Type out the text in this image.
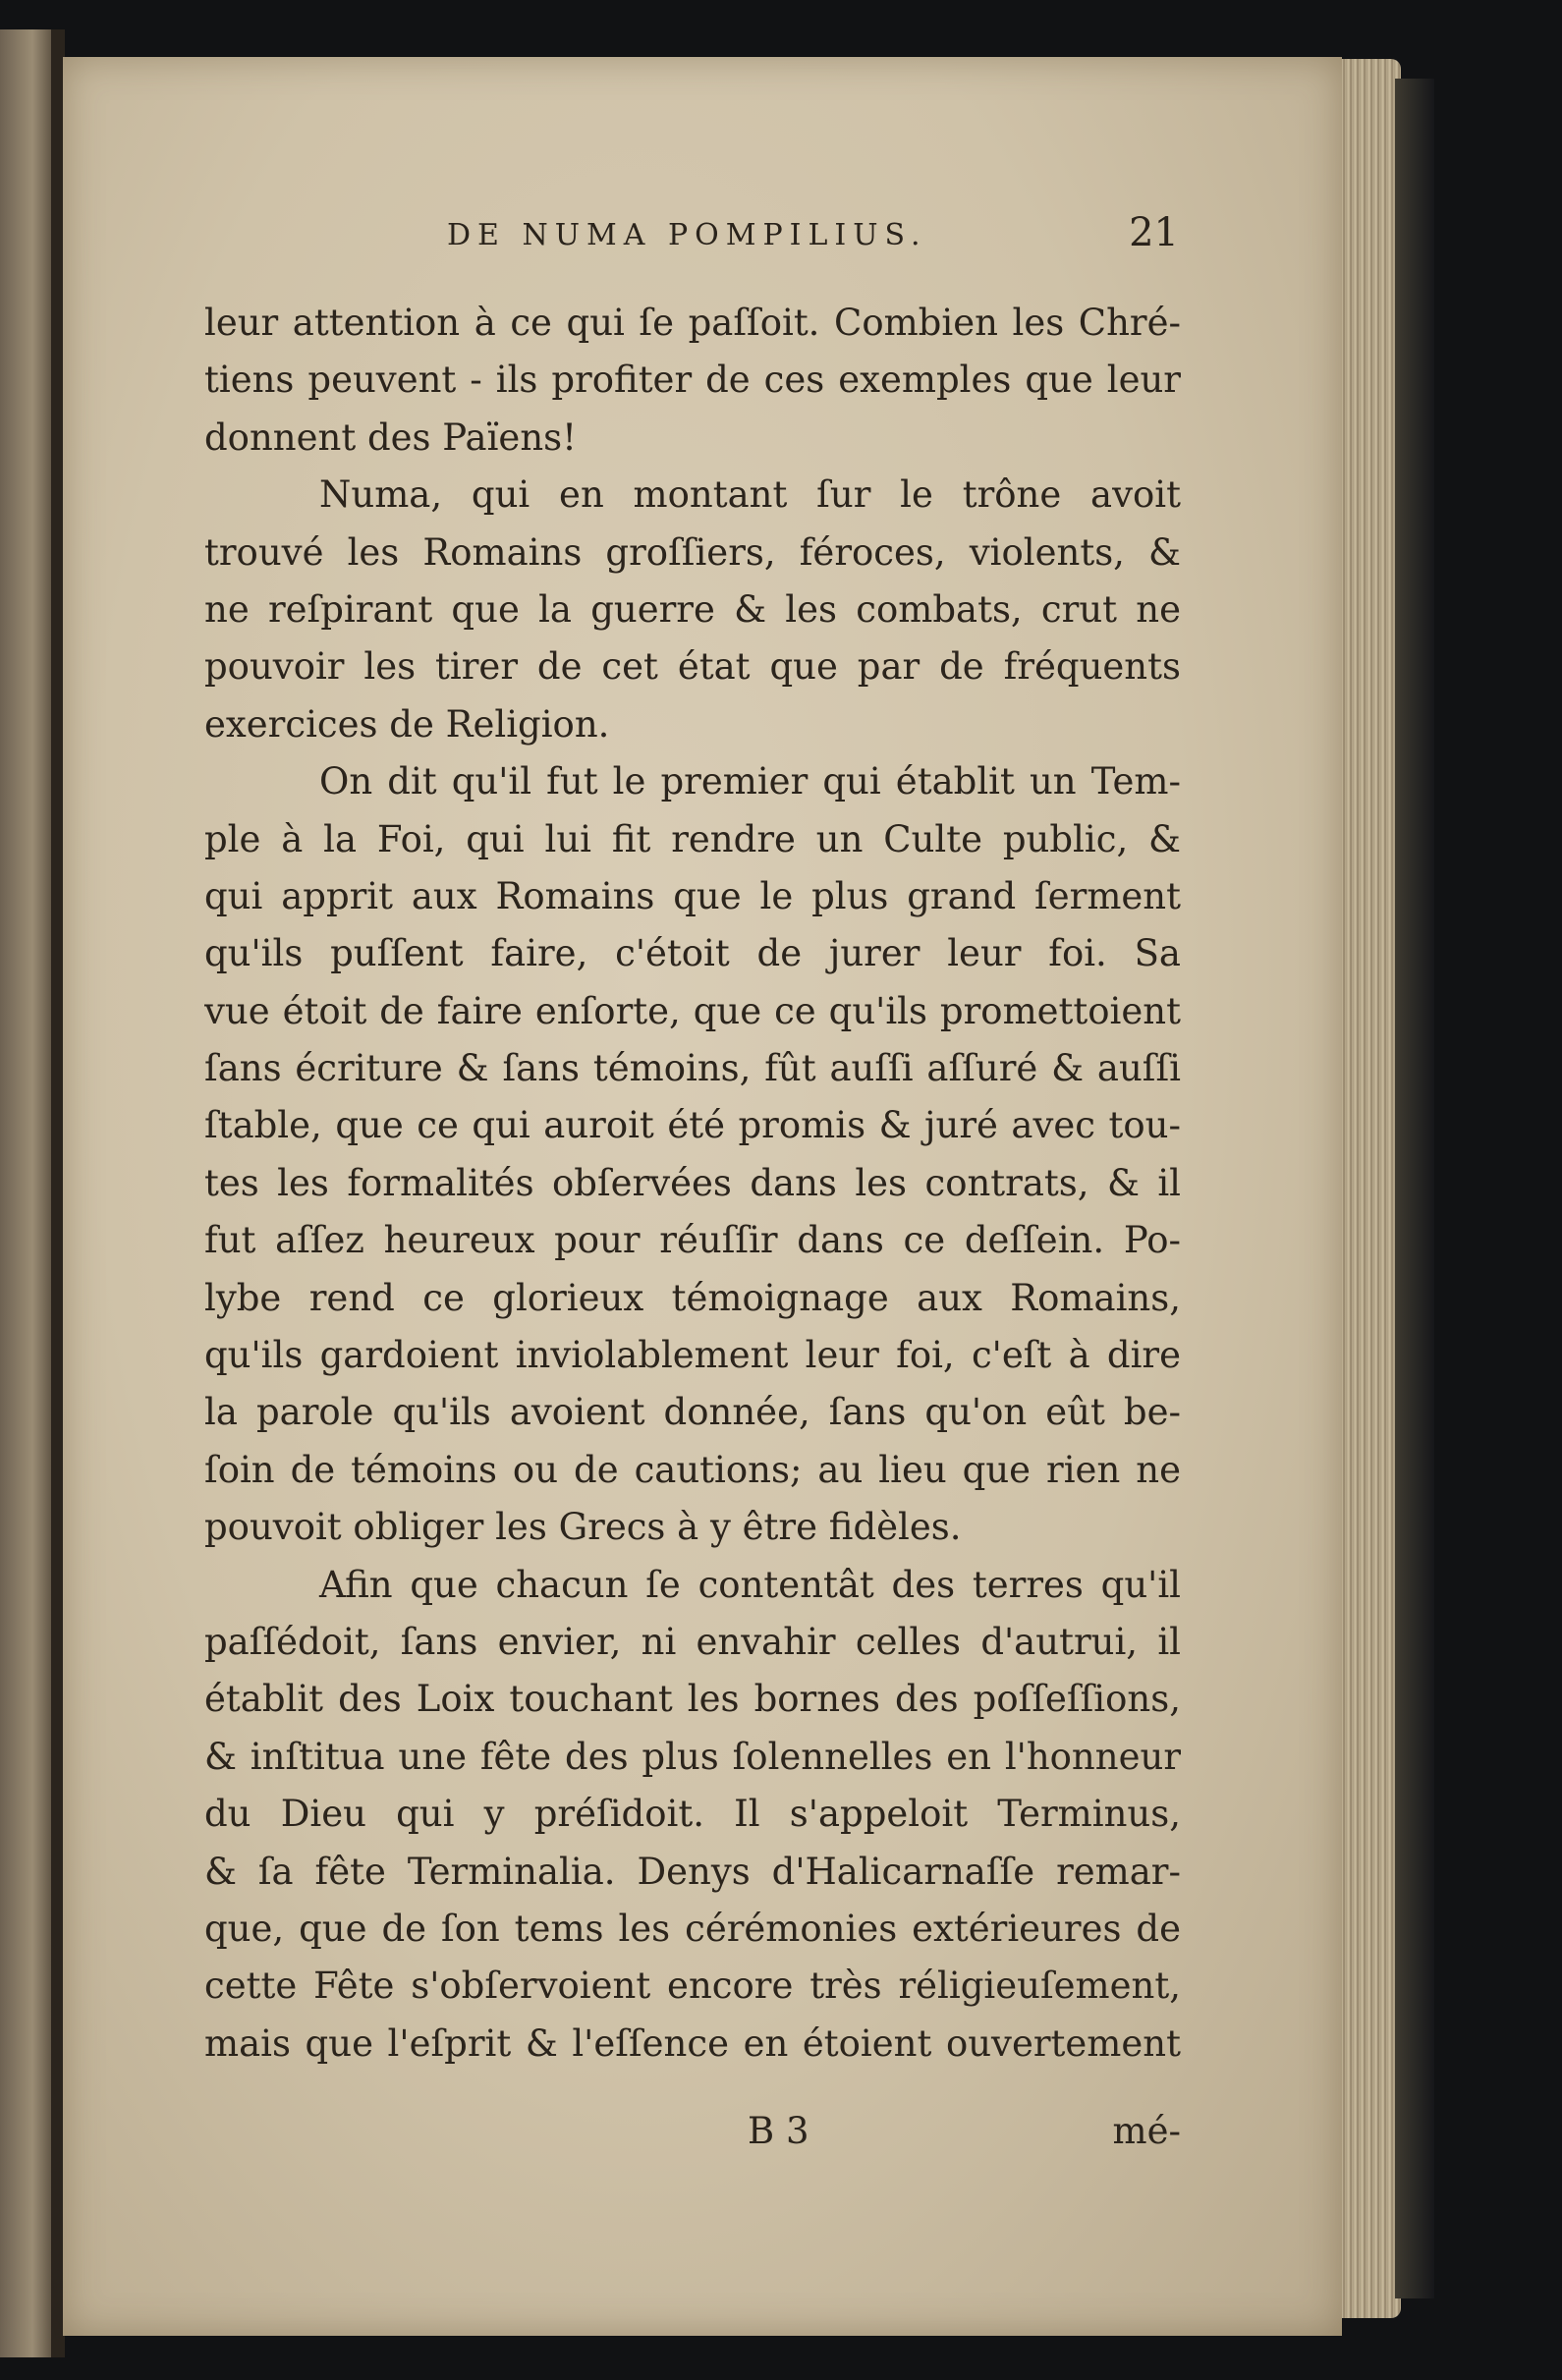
DE NUMA POMPILIUS.	21
leur attention à ce qui ſe paſſoit. Combien les Chré-
tiens peuvent - ils profiter de ces exemples que leur
donnent des Païens!
Numa, qui en montant ſur le trône avoit
trouvé les Romains groſſiers, féroces, violents, &
ne reſpirant que la guerre & les combats, crut ne
pouvoir les tirer de cet état que par de fréquents
exercices de Religion.
On dit qu'il fut le premier qui établit un Tem-
ple à la Foi, qui lui fit rendre un Culte public, &
qui apprit aux Romains que le plus grand ſerment
qu'ils puſſent faire, c'étoit de jurer leur foi. Sa
vue étoit de faire enſorte, que ce qu'ils promettoient
ſans écriture & ſans témoins, fût auſſi aſſuré & auſſi
ſtable, que ce qui auroit été promis & juré avec tou-
tes les formalités obſervées dans les contrats, & il
fut aſſez heureux pour réuſſir dans ce deſſein. Po-
lybe rend ce glorieux témoignage aux Romains,
qu'ils gardoient inviolablement leur foi, c'eſt à dire
la parole qu'ils avoient donnée, ſans qu'on eût be-
ſoin de témoins ou de cautions; au lieu que rien ne
pouvoit obliger les Grecs à y être fidèles.
Afin que chacun ſe contentât des terres qu'il
paſſédoit, ſans envier, ni envahir celles d'autrui, il
établit des Loix touchant les bornes des poſſeſſions,
& inſtitua une fête des plus ſolennelles en l'honneur
du Dieu qui y préſidoit. Il s'appeloit Terminus,
& ſa fête Terminalia. Denys d'Halicarnaſſe remar-
que, que de ſon tems les cérémonies extérieures de
cette Fête s'obſervoient encore très réligieuſement,
mais que l'eſprit & l'eſſence en étoient ouvertement
B 3	mé-
